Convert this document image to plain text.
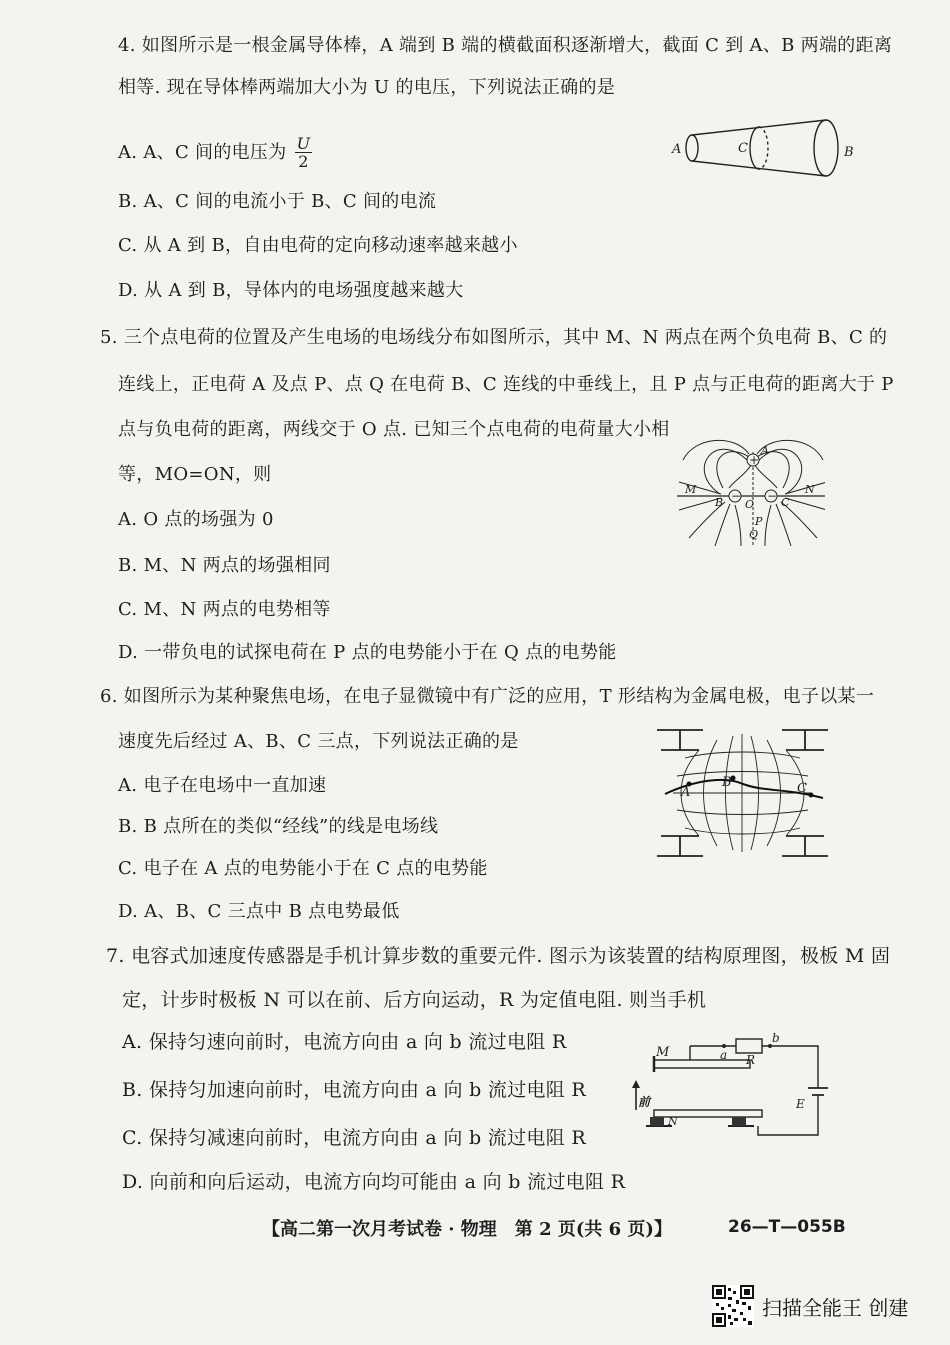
4. 如图所示是一根金属导体棒，A 端到 B 端的横截面积逐渐增大，截面 C 到 A、B 两端的距离
相等. 现在导体棒两端加大小为 U 的电压，下列说法正确的是
A. A、C 间的电压为 $\frac{U}{2}$
B. A、C 间的电流小于 B、C 间的电流
C. 从 A 到 B，自由电荷的定向移动速率越来越小
D. 从 A 到 B，导体内的电场强度越来越大
A	C	B
5. 三个点电荷的位置及产生电场的电场线分布如图所示，其中 M、N 两点在两个负电荷 B、C 的
连线上，正电荷 A 及点 P、点 Q 在电荷 B、C 连线的中垂线上，且 P 点与正电荷的距离大于 P
点与负电荷的距离，两线交于 O 点. 已知三个点电荷的电荷量大小相
等，MO=ON，则
A. O 点的场强为 0
B. M、N 两点的场强相同
C. M、N 两点的电势相等
D. 一带负电的试探电荷在 P 点的电势能小于在 Q 点的电势能
+
− −
A
M
B O C
N
P
Q
6. 如图所示为某种聚焦电场，在电子显微镜中有广泛的应用，T 形结构为金属电极，电子以某一
速度先后经过 A、B、C 三点，下列说法正确的是
A. 电子在电场中一直加速
B. B 点所在的类似“经线”的线是电场线
C. 电子在 A 点的电势能小于在 C 点的电势能
D. A、B、C 三点中 B 点电势最低
A
B	C
7. 电容式加速度传感器是手机计算步数的重要元件. 图示为该装置的结构原理图，极板 M 固
定，计步时极板 N 可以在前、后方向运动，R 为定值电阻. 则当手机
A. 保持匀速向前时，电流方向由 a 向 b 流过电阻 R
B. 保持匀加速向前时，电流方向由 a 向 b 流过电阻 R
C. 保持匀减速向前时，电流方向由 a 向 b 流过电阻 R
D. 向前和向后运动，电流方向均可能由 a 向 b 流过电阻 R
M	a R
b
E
N
前
【高二第一次月考试卷 · 物理　第 2 页(共 6 页)】	26—T—055B
扫描全能王 创建
